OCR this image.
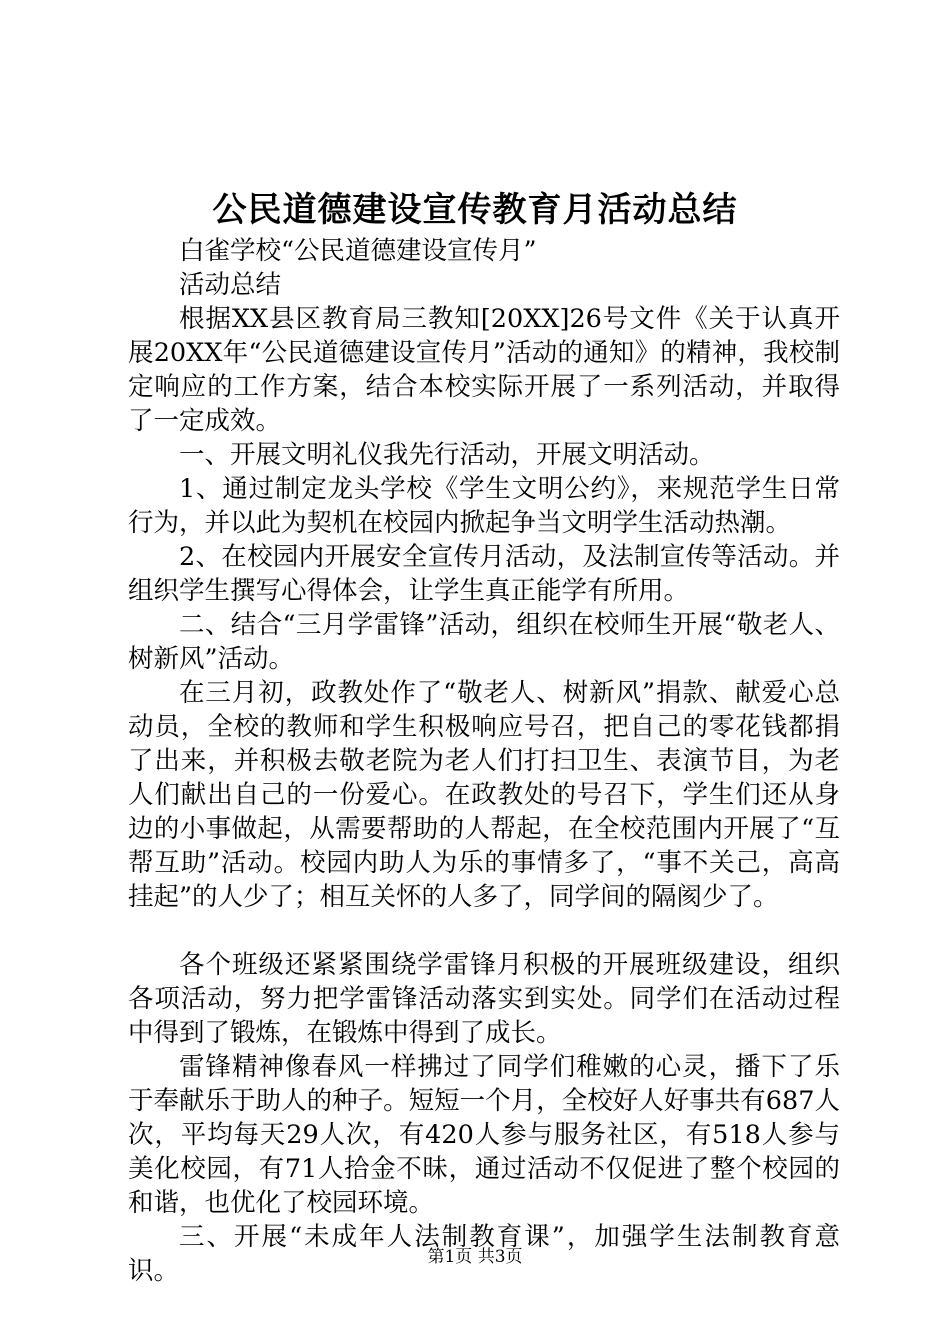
公民道德建设宣传教育月活动总结

白雀学校“公民道德建设宣传月”

活动总结

根据XX县区教育局三教知[20XX]26号文件《关于认真开展20XX年“公民道德建设宣传月”活动的通知》的精神，我校制定响应的工作方案，结合本校实际开展了一系列活动，并取得了一定成效。

一、开展文明礼仪我先行活动，开展文明活动。

1、通过制定龙头学校《学生文明公约》，来规范学生日常行为，并以此为契机在校园内掀起争当文明学生活动热潮。

2、在校园内开展安全宣传月活动，及法制宣传等活动。并组织学生撰写心得体会，让学生真正能学有所用。

二、结合“三月学雷锋”活动，组织在校师生开展“敬老人、树新风”活动。

在三月初，政教处作了“敬老人、树新风”捐款、献爱心总动员，全校的教师和学生积极响应号召，把自己的零花钱都捐了出来，并积极去敬老院为老人们打扫卫生、表演节目，为老人们献出自己的一份爱心。在政教处的号召下，学生们还从身边的小事做起，从需要帮助的人帮起，在全校范围内开展了“互帮互助”活动。校园内助人为乐的事情多了，“事不关己，高高挂起”的人少了；相互关怀的人多了，同学间的隔阂少了。

各个班级还紧紧围绕学雷锋月积极的开展班级建设，组织各项活动，努力把学雷锋活动落实到实处。同学们在活动过程中得到了锻炼，在锻炼中得到了成长。

雷锋精神像春风一样拂过了同学们稚嫩的心灵，播下了乐于奉献乐于助人的种子。短短一个月，全校好人好事共有687人次，平均每天29人次，有420人参与服务社区，有518人参与美化校园，有71人拾金不昧，通过活动不仅促进了整个校园的和谐，也优化了校园环境。

三、开展“未成年人法制教育课”，加强学生法制教育意识。	第1页 共3页
